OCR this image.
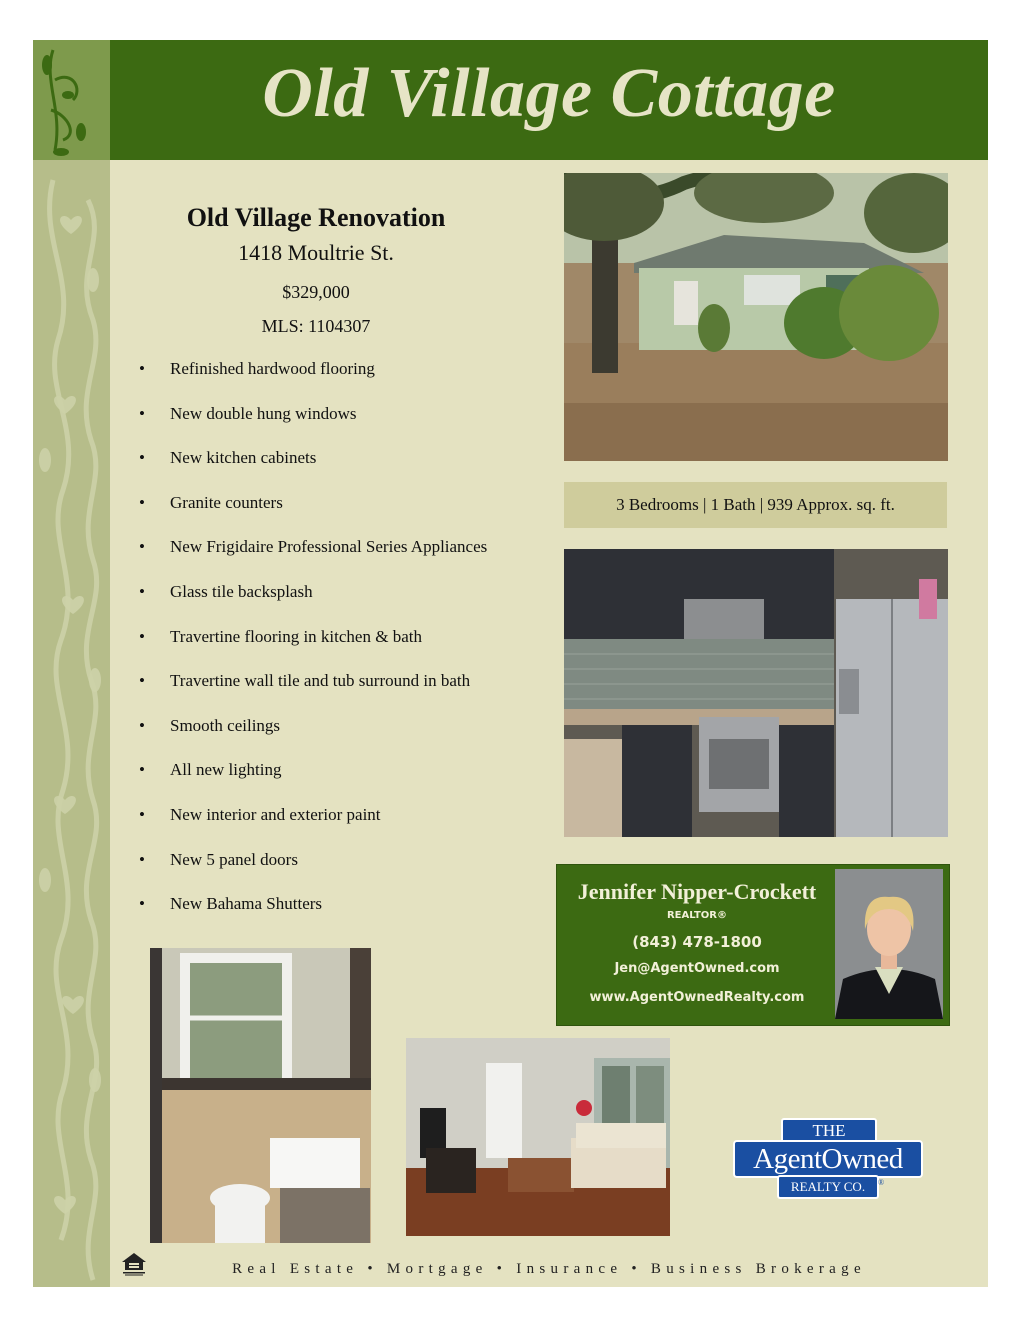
Old Village Cottage
Old Village Renovation
1418 Moultrie St.
$329,000
MLS: 1104307
• Refinished hardwood flooring
• New double hung windows
• New kitchen cabinets
• Granite counters
• New Frigidaire Professional Series Appliances
• Glass tile backsplash
• Travertine flooring in kitchen & bath
• Travertine wall tile and tub surround in bath
• Smooth ceilings
• All new lighting
• New interior and exterior paint
• New 5 panel doors
• New Bahama Shutters
3 Bedrooms | 1 Bath | 939 Approx. sq. ft.
Jennifer Nipper-Crockett
REALTOR®
(843) 478-1800
Jen@AgentOwned.com
www.AgentOwnedRealty.com
THE
AgentOwned
REALTY CO.	®
Real Estate • Mortgage • Insurance • Business Brokerage
